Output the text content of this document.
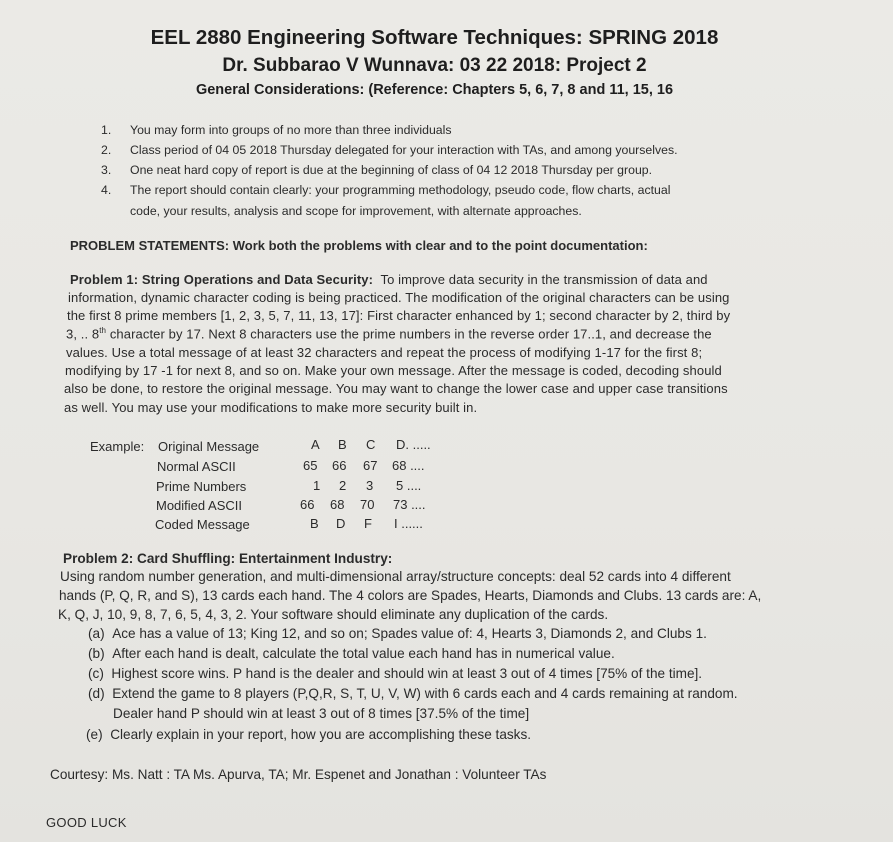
EEL 2880 Engineering Software Techniques: SPRING 2018
Dr. Subbarao V Wunnava: 03 22 2018: Project 2
General Considerations: (Reference: Chapters 5, 6, 7, 8 and 11, 15, 16
1. You may form into groups of no more than three individuals
2. Class period of 04 05 2018 Thursday delegated for your interaction with TAs, and among yourselves.
3. One neat hard copy of report is due at the beginning of class of 04 12 2018 Thursday per group.
4. The report should contain clearly: your programming methodology, pseudo code, flow charts, actual
code, your results, analysis and scope for improvement, with alternate approaches.
PROBLEM STATEMENTS: Work both the problems with clear and to the point documentation:
Problem 1: String Operations and Data Security: To improve data security in the transmission of data and
information, dynamic character coding is being practiced. The modification of the original characters can be using
the first 8 prime members [1, 2, 3, 5, 7, 11, 13, 17]: First character enhanced by 1; second character by 2, third by
3, .. 8th character by 17. Next 8 characters use the prime numbers in the reverse order 17..1, and decrease the
values. Use a total message of at least 32 characters and repeat the process of modifying 1-17 for the first 8;
modifying by 17 -1 for next 8, and so on. Make your own message. After the message is coded, decoding should
also be done, to restore the original message. You may want to change the lower case and upper case transitions
as well. You may use your modifications to make more security built in.
Example: Original Message	A B C D. .....
Normal ASCII	65 66 67 68 ....
Prime Numbers	1 2 3 5 ....
Modified ASCII	66 68 70 73 ....
Coded Message	B D F I ......
Problem 2: Card Shuffling: Entertainment Industry:
Using random number generation, and multi-dimensional array/structure concepts: deal 52 cards into 4 different
hands (P, Q, R, and S), 13 cards each hand. The 4 colors are Spades, Hearts, Diamonds and Clubs. 13 cards are: A,
K, Q, J, 10, 9, 8, 7, 6, 5, 4, 3, 2. Your software should eliminate any duplication of the cards.
(a) Ace has a value of 13; King 12, and so on; Spades value of: 4, Hearts 3, Diamonds 2, and Clubs 1.
(b) After each hand is dealt, calculate the total value each hand has in numerical value.
(c) Highest score wins. P hand is the dealer and should win at least 3 out of 4 times [75% of the time].
(d) Extend the game to 8 players (P,Q,R, S, T, U, V, W) with 6 cards each and 4 cards remaining at random.
Dealer hand P should win at least 3 out of 8 times [37.5% of the time]
(e) Clearly explain in your report, how you are accomplishing these tasks.
Courtesy: Ms. Natt : TA Ms. Apurva, TA; Mr. Espenet and Jonathan : Volunteer TAs
GOOD LUCK
